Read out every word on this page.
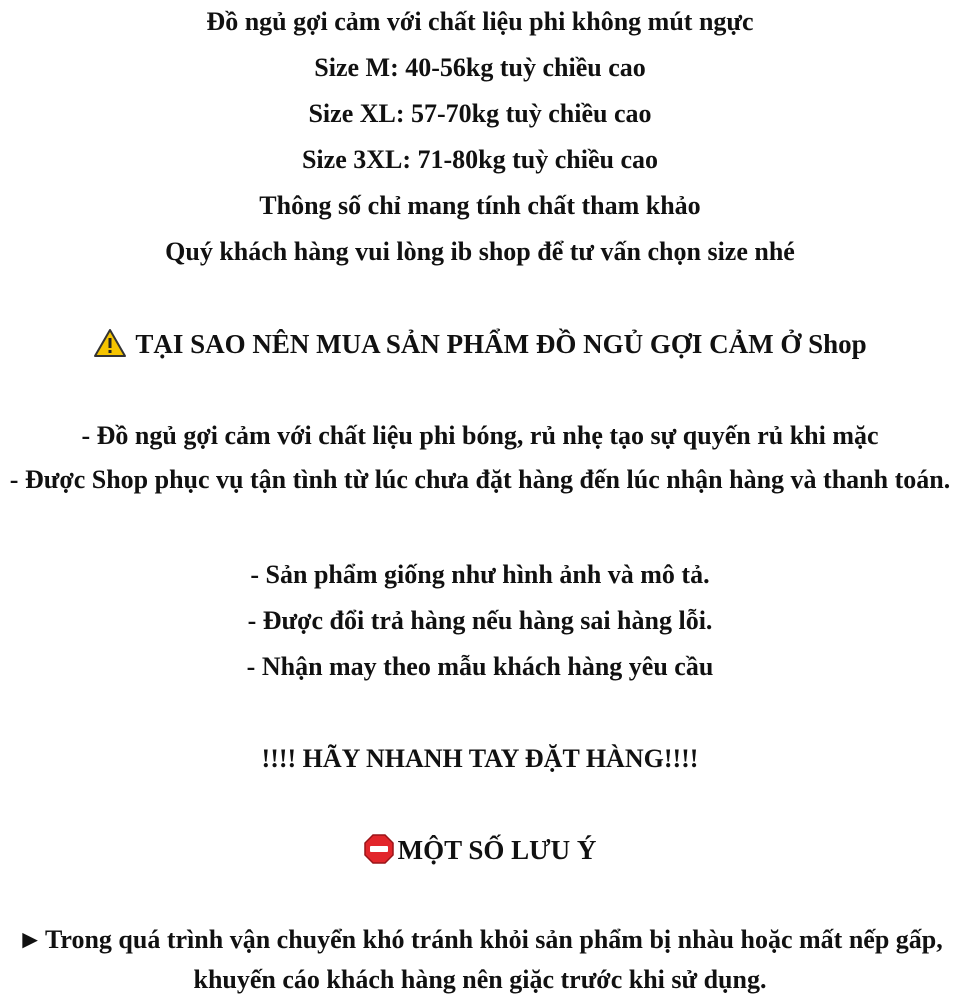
Đồ ngủ gợi cảm với chất liệu phi không mút ngực
Size M: 40-56kg tuỳ chiều cao
Size XL: 57-70kg tuỳ chiều cao
Size 3XL: 71-80kg tuỳ chiều cao
Thông số chỉ mang tính chất tham khảo
Quý khách hàng vui lòng ib shop để tư vấn chọn size nhé
TẠI SAO NÊN MUA SẢN PHẨM ĐỒ NGỦ GỢI CẢM Ở Shop
- Đồ ngủ gợi cảm với chất liệu phi bóng, rủ nhẹ tạo sự quyến rủ khi mặc
- Được Shop phục vụ tận tình từ lúc chưa đặt hàng đến lúc nhận hàng và thanh toán.
- Sản phẩm giống như hình ảnh và mô tả.
- Được đổi trả hàng nếu hàng sai hàng lỗi.
- Nhận may theo mẫu khách hàng yêu cầu
!!!! HÃY NHANH TAY ĐẶT HÀNG!!!!
MỘT SỐ LƯU Ý
►Trong quá trình vận chuyển khó tránh khỏi sản phẩm bị nhàu hoặc mất nếp gấp, khuyến cáo khách hàng nên giặc trước khi sử dụng.
